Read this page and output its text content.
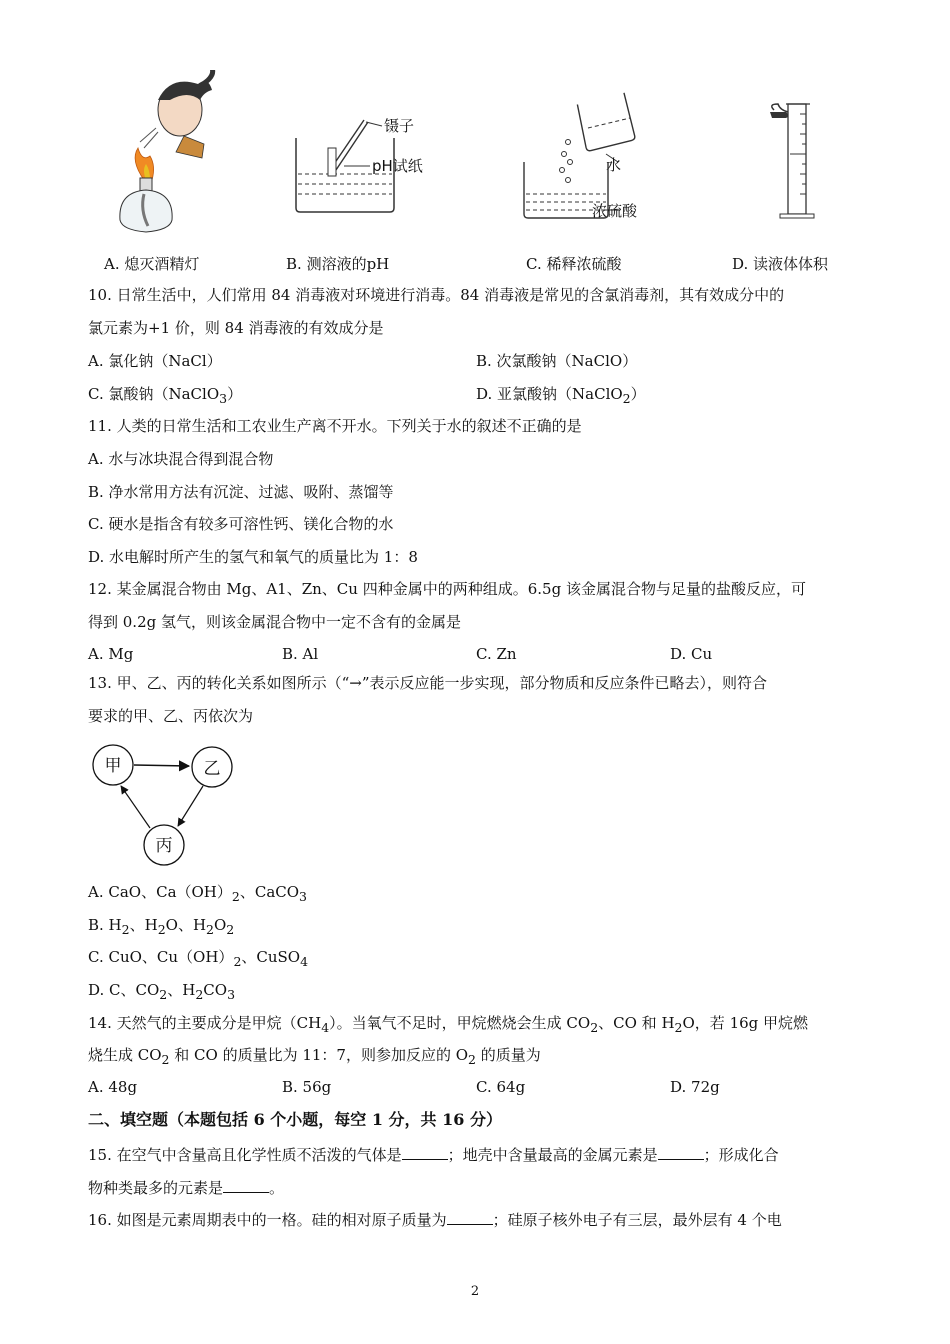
镊子
pH试纸	水
浓硫酸
A. 熄灭酒精灯	B. 测溶液的pH	C. 稀释浓硫酸	D. 读液体体积
10. 日常生活中，人们常用 84 消毒液对环境进行消毒。84 消毒液是常见的含氯消毒剂，其有效成分中的
氯元素为+1 价，则 84 消毒液的有效成分是
A. 氯化钠（NaCl）	B. 次氯酸钠（NaClO）
C. 氯酸钠（NaClO$_3$）	D. 亚氯酸钠（NaClO$_2$）
11. 人类的日常生活和工农业生产离不开水。下列关于水的叙述不正确的是
A. 水与冰块混合得到混合物
B. 净水常用方法有沉淀、过滤、吸附、蒸馏等
C. 硬水是指含有较多可溶性钙、镁化合物的水
D. 水电解时所产生的氢气和氧气的质量比为 1：8
12. 某金属混合物由 Mg、A1、Zn、Cu 四种金属中的两种组成。6.5g 该金属混合物与足量的盐酸反应，可
得到 0.2g 氢气，则该金属混合物中一定不含有的金属是
A. Mg	B. Al	C. Zn	D. Cu
13. 甲、乙、丙的转化关系如图所示（“→”表示反应能一步实现，部分物质和反应条件已略去），则符合
要求的甲、乙、丙依次为
甲	乙
丙
A. CaO、$Ca(OH)_2$、CaCO$_3$
B. $H_2$、$H_2O$、$H_2O_2$
C. CuO、$Cu(OH)_2$、CuSO$_4$
D. C、$CO_2$、$H_2CO_3$
14. 天然气的主要成分是甲烷$(CH_4)$。当氧气不足时，甲烷燃烧会生成 $CO_2$、CO 和 $H_2O$，若 16g 甲烷燃
烧生成 $CO_2$ 和 CO 的质量比为 11：7，则参加反应的 $O_2$ 的质量为
A. 48g	B. 56g	C. 64g	D. 72g
二、填空题（本题包括 6 个小题，每空 1 分，共 16 分）
15. 在空气中含量高且化学性质不活泼的气体是	；地壳中含量最高的金属元素是	；形成化合
物种类最多的元素是	。
16. 如图是元素周期表中的一格。硅的相对原子质量为	；硅原子核外电子有三层，最外层有 4 个电
2
